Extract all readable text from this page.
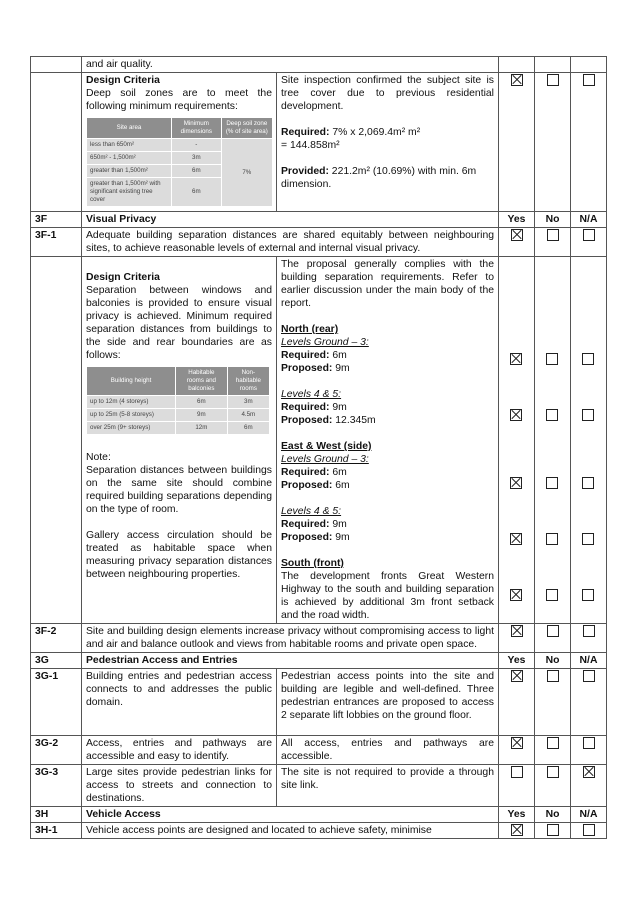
	and air quality.			

Design Criteria
Deep soil zones are to meet the following minimum requirements:
Site area	Minimum dimensions	Deep soil zone (% of site area)
less than 650m²	-	7%
650m² - 1,500m²	3m
greater than 1,500m²	6m
greater than 1,500m² with significant existing tree cover	6m

Site inspection confirmed the subject site is tree cover due to previous residential development.
Required: 7% x 2,069.4m² m²
= 144.858m²
Provided: 221.2m² (10.69%) with min. 6m dimension.

3F	Visual Privacy	Yes	No	N/A
3F-1	Adequate building separation distances are shared equitably between neighbouring sites, to achieve reasonable levels of external and internal visual privacy.			

Design Criteria
Separation between windows and balconies is provided to ensure visual privacy is achieved. Minimum required separation distances from buildings to the side and rear boundaries are as follows:
Building height	Habitable rooms and balconies	Non-habitable rooms
up to 12m (4 storeys)	6m	3m
up to 25m (5-8 storeys)	9m	4.5m
over 25m (9+ storeys)	12m	6m
Note:
Separation distances between buildings on the same site should combine required building separations depending on the type of room.
Gallery access circulation should be treated as habitable space when measuring privacy separation distances between neighbouring properties.

The proposal generally complies with the building separation requirements. Refer to earlier discussion under the main body of the report.
North (rear)
Levels Ground – 3:
Required: 6m
Proposed: 9m
Levels 4 & 5:
Required: 9m
Proposed: 12.345m
East & West (side)
Levels Ground – 3:
Required: 6m
Proposed: 6m
Levels 4 & 5:
Required: 9m
Proposed: 9m
South (front)
The development fronts Great Western Highway to the south and building separation is achieved by additional 3m front setback and the road width.

3F-2	Site and building design elements increase privacy without compromising access to light and air and balance outlook and views from habitable rooms and private open space.			
3G	Pedestrian Access and Entries	Yes	No	N/A
3G-1	Building entries and pedestrian access connects to and addresses the public domain.	Pedestrian access points into the site and building are legible and well-defined. Three pedestrian entrances are proposed to access 2 separate lift lobbies on the ground floor.			
3G-2	Access, entries and pathways are accessible and easy to identify.	All access, entries and pathways are accessible.			
3G-3	Large sites provide pedestrian links for access to streets and connection to destinations.	The site is not required to provide a through site link.			
3H	Vehicle Access	Yes	No	N/A
3H-1	Vehicle access points are designed and located to achieve safety, minimise			
